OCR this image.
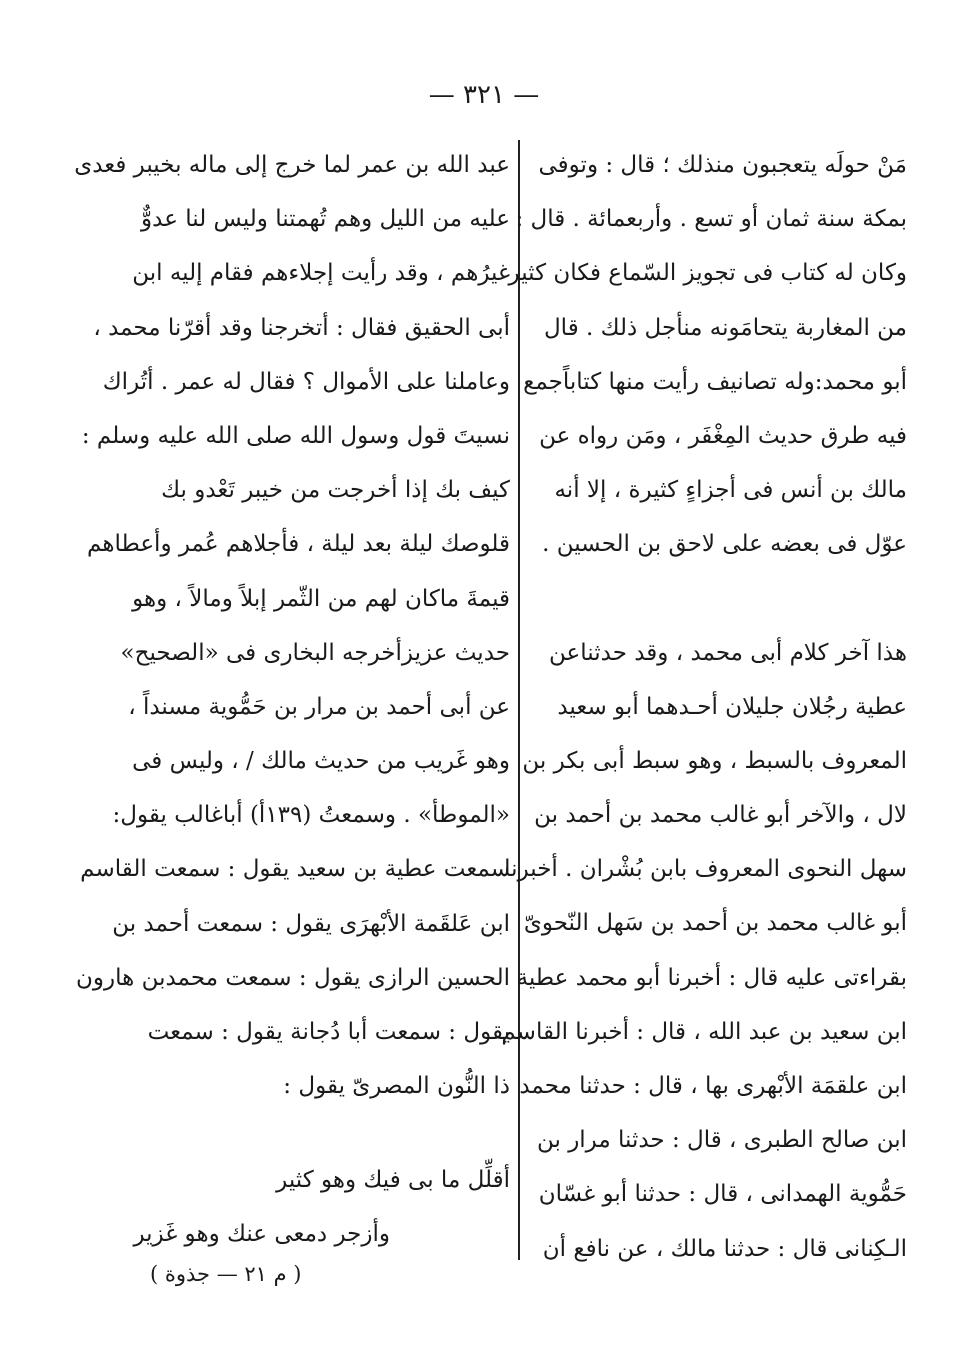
— ٣٢١ —
مَنْ حولَه يتعجبون منذلك ؛ قال : وتوفى
بمكة سنة ثمان أو تسع . وأربعمائة . قال :
وكان له كتاب فى تجويز السّماع فكان كثير
من المغاربة يتحامَونه منأجل ذلك . قال
أبو محمد:وله تصانيف رأيت منها كتاباًجمع
فيه طرق حديث المِغْفَر ، ومَن رواه عن
مالك بن أنس فى أجزاءٍ كثيرة ، إلا أنه
عوّل فى بعضه على لاحق بن الحسين .
هذا آخر كلام أبى محمد ، وقد حدثناعن
عطية رجُلان جليلان أحـدهما أبو سعيد
المعروف بالسبط ، وهو سبط أبى بكر بن
لال ، والآخر أبو غالب محمد بن أحمد بن
سهل النحوى المعروف بابن بُشْران . أخبرنا
أبو غالب محمد بن أحمد بن سَهل النّحوىّ
بقراءتى عليه قال : أخبرنا أبو محمد عطية
ابن سعيد بن عبد الله ، قال : أخبرنا القاسم
ابن علقمَة الأبْهرى بها ، قال : حدثنا محمد
ابن صالح الطبرى ، قال : حدثنا مرار بن
حَمُّوية الهمدانى ، قال : حدثنا أبو غسّان
الـكِنانى قال : حدثنا مالك ، عن نافع أن
عبد الله بن عمر لما خرج إلى ماله بخيبر فعدى
عليه من الليل وهم تُهمتنا وليس لنا عدوٌّ
غيرُهم ، وقد رأيت إجلاءهم فقام إليه ابن
أبى الحقيق فقال : أتخرجنا وقد أقرّنا محمد ،
وعاملنا على الأموال ؟ فقال له عمر . أتُراك
نسيتَ قول وسول الله صلى الله عليه وسلم :
كيف بك إذا أخرجت من خيبر تَعْدو بك
قلوصك ليلة بعد ليلة ، فأجلاهم عُمر وأعطاهم
قيمةَ ماكان لهم من الثّمر إبلاً ومالاً ، وهو
حديث عزيزأخرجه البخارى فى «الصحيح»
عن أبى أحمد بن مرار بن حَمُّوية مسنداً ،
وهو غَريب من حديث مالك / ، وليس فى
«الموطأ» . وسمعتُ (١٣٩أ) أباغالب يقول:
سمعت عطية بن سعيد يقول : سمعت القاسم
ابن عَلقَمة الأبْهرَى يقول : سمعت أحمد بن
الحسين الرازى يقول : سمعت محمدبن هارون
يقول : سمعت أبا دُجانة يقول : سمعت
ذا النُّون المصرىّ يقول :
أقلِّل ما بى فيك وهو كثير
وأزجر دمعى عنك وهو غَزير
( م ٢١ — جذوة )
